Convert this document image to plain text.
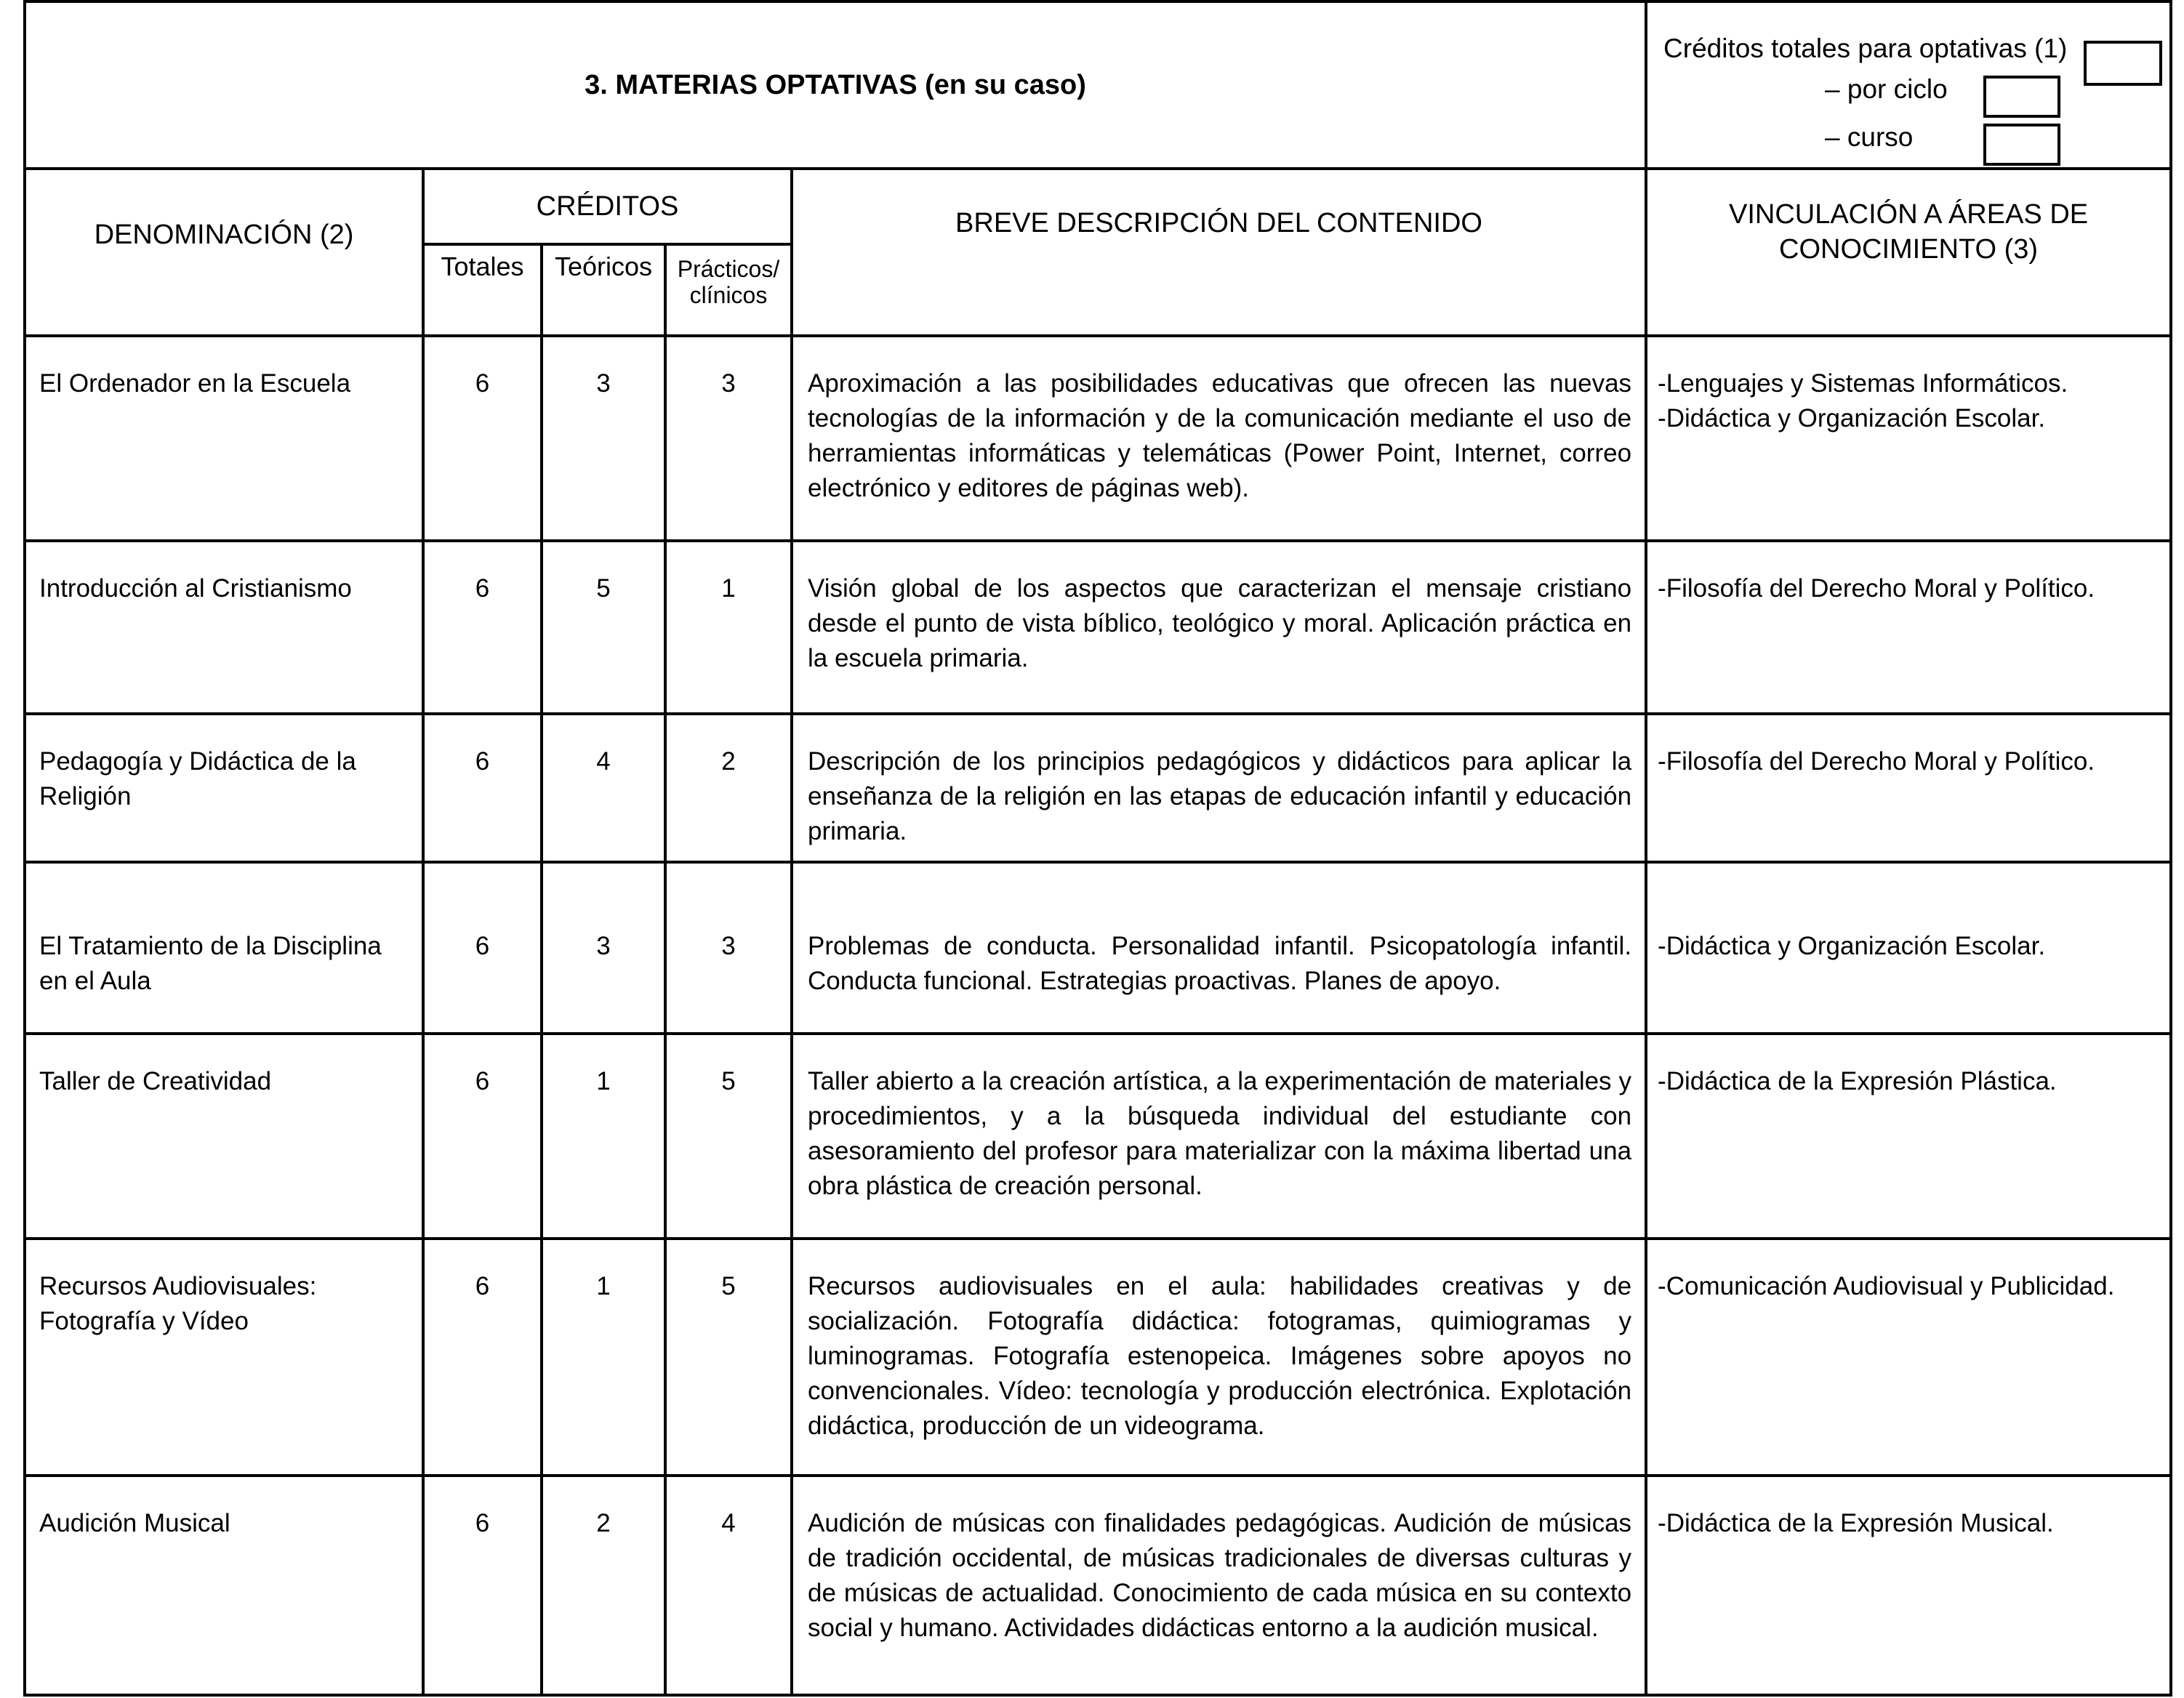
3. MATERIAS OPTATIVAS (en su caso)					Créditos totales para optativas (1)
– por ciclo
– curso

DENOMINACIÓN (2)	CRÉDITOS			BREVE DESCRIPCIÓN DEL CONTENIDO	VINCULACIÓN A ÁREAS DE
CONOCIMIENTO (3)

	Totales	Teóricos	Prácticos/ clínicos		
El Ordenador en la Escuela	6	3	3	Aproximación a las posibilidades educativas que ofrecen las nuevas tecnologías de la información y de la comunicación mediante el uso de herramientas informáticas y telemáticas (Power Point, Internet, correo electrónico y editores de páginas web).	-Lenguajes y Sistemas Informáticos.
-Didáctica y Organización Escolar.

Introducción al Cristianismo	6	5	1	Visión global de los aspectos que caracterizan el mensaje cristiano desde el punto de vista bíblico, teológico y moral. Aplicación práctica en la escuela primaria.	-Filosofía del Derecho Moral y Político.

Pedagogía y Didáctica de la Religión	6	4	2	Descripción de los principios pedagógicos y didácticos para aplicar la enseñanza de la religión en las etapas de educación infantil y educación primaria.	-Filosofía del Derecho Moral y Político.

El Tratamiento de la Disciplina en el Aula	6	3	3	Problemas de conducta. Personalidad infantil. Psicopatología infantil. Conducta funcional. Estrategias proactivas. Planes de apoyo.	-Didáctica y Organización Escolar.

Taller de Creatividad	6	1	5	Taller abierto a la creación artística, a la experimentación de materiales y procedimientos, y a la búsqueda individual del estudiante con asesoramiento del profesor para materializar con la máxima libertad una obra plástica de creación personal.	-Didáctica de la Expresión Plástica.

Recursos Audiovisuales: Fotografía y Vídeo	6	1	5	Recursos audiovisuales en el aula: habilidades creativas y de socialización. Fotografía didáctica: fotogramas, quimiogramas y luminogramas. Fotografía estenopeica. Imágenes sobre apoyos no convencionales. Vídeo: tecnología y producción electrónica. Explotación didáctica, producción de un videograma.	-Comunicación Audiovisual y Publicidad.

Audición Musical	6	2	4	Audición de músicas con finalidades pedagógicas. Audición de músicas de tradición occidental, de músicas tradicionales de diversas culturas y de músicas de actualidad. Conocimiento de cada música en su contexto social y humano. Actividades didácticas entorno a la audición musical.	-Didáctica de la Expresión Musical.
